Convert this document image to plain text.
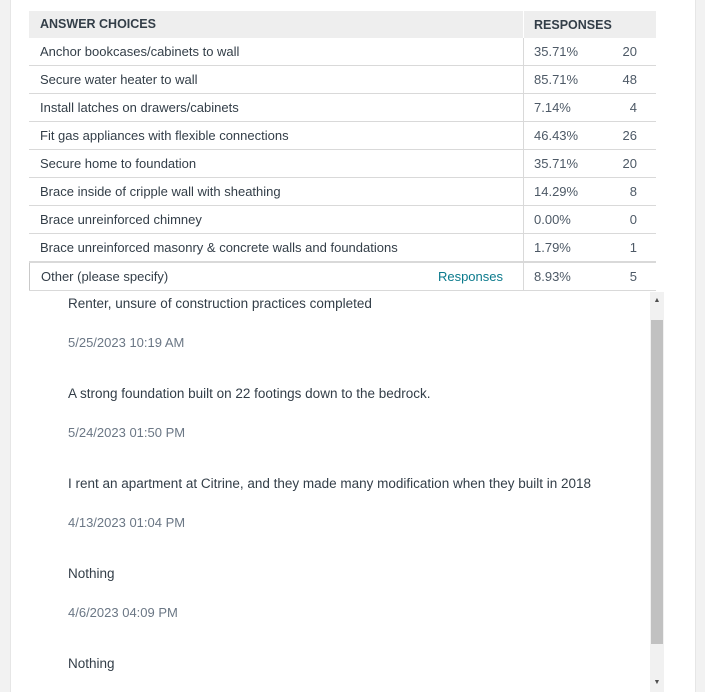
ANSWER CHOICES	RESPONSES
Anchor bookcases/cabinets to wall	35.71%	20
Secure water heater to wall	85.71%	48
Install latches on drawers/cabinets	7.14%	4
Fit gas appliances with flexible connections	46.43%	26
Secure home to foundation	35.71%	20
Brace inside of cripple wall with sheathing	14.29%	8
Brace unreinforced chimney	0.00%	0
Brace unreinforced masonry & concrete walls and foundations	1.79%	1
Other (please specify)	Responses	8.93%	5
Renter, unsure of construction practices completed
5/25/2023 10:19 AM
A strong foundation built on 22 footings down to the bedrock.
5/24/2023 01:50 PM
I rent an apartment at Citrine, and they made many modification when they built in 2018
4/13/2023 01:04 PM
Nothing
4/6/2023 04:09 PM
Nothing
▲
▼
